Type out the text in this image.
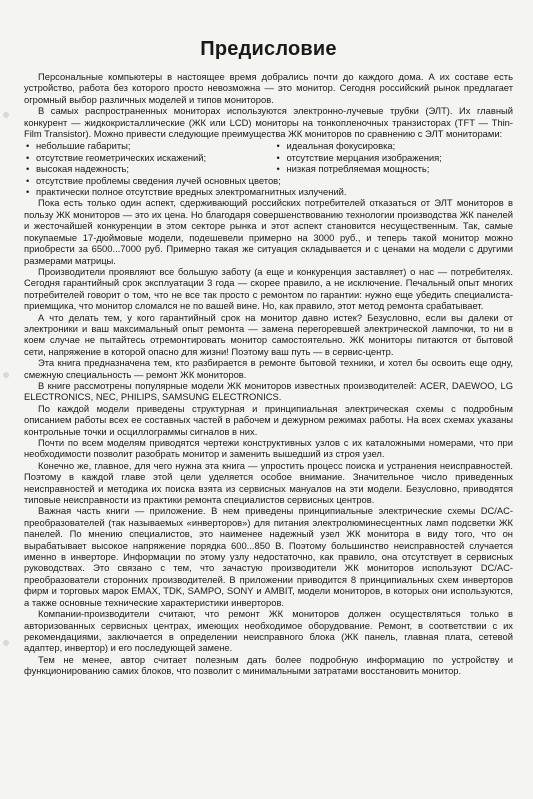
Предисловие

Персональные компьютеры в настоящее время добрались почти до каждого дома. А их составе есть устройство, работа без которого просто невозможна — это монитор. Сегодня российский рынок предлагает огромный выбор различных моделей и типов мониторов.

В самых распространенных мониторах используются электронно-лучевые трубки (ЭЛТ). Их главный конкурент — жидкокристаллические (ЖК или LCD) мониторы на тонкопленочных транзисторах (TFT — Thin-Film Transistor). Можно привести следующие преимущества ЖК мониторов по сравнению с ЭЛТ мониторами:

• небольшие габариты;	• идеальная фокусировка;
• отсутствие геометрических искажений;	• отсутствие мерцания изображения;
• высокая надежность;	• низкая потребляемая мощность;
• отсутствие проблемы сведения лучей основных цветов;
• практически полное отсутствие вредных электромагнитных излучений.

Пока есть только один аспект, сдерживающий российских потребителей отказаться от ЭЛТ мониторов в пользу ЖК мониторов — это их цена. Но благодаря совершенствованию технологии производства ЖК панелей и жесточайшей конкуренции в этом секторе рынка и этот аспект становится несущественным. Так, самые покупаемые 17-дюймовые модели, подешевели примерно на 3000 руб., и теперь такой монитор можно приобрести за 6500...7000 руб. Примерно такая же ситуация складывается и с ценами на модели с другими размерами матрицы.

Производители проявляют все большую заботу (а еще и конкуренция заставляет) о нас — потребителях. Сегодня гарантийный срок эксплуатации 3 года — скорее правило, а не исключение. Печальный опыт многих потребителей говорит о том, что не все так просто с ремонтом по гарантии: нужно еще убедить специалиста-приемщика, что монитор сломался не по вашей вине. Но, как правило, этот метод ремонта срабатывает.

А что делать тем, у кого гарантийный срок на монитор давно истек? Безусловно, если вы далеки от электроники и ваш максимальный опыт ремонта — замена перегоревшей электрической лампочки, то ни в коем случае не пытайтесь отремонтировать монитор самостоятельно. ЖК мониторы питаются от бытовой сети, напряжение в которой опасно для жизни! Поэтому ваш путь — в сервис-центр.

Эта книга предназначена тем, кто разбирается в ремонте бытовой техники, и хотел бы освоить еще одну, смежную специальность — ремонт ЖК мониторов.

В книге рассмотрены популярные модели ЖК мониторов известных производителей: ACER, DAEWOO, LG ELECTRONICS, NEC, PHILIPS, SAMSUNG ELECTRONICS.

По каждой модели приведены структурная и принципиальная электрическая схемы с подробным описанием работы всех ее составных частей в рабочем и дежурном режимах работы. На всех схемах указаны контрольные точки и осциллограммы сигналов в них.

Почти по всем моделям приводятся чертежи конструктивных узлов с их каталожными номерами, что при необходимости позволит разобрать монитор и заменить вышедший из строя узел.

Конечно же, главное, для чего нужна эта книга — упростить процесс поиска и устранения неисправностей. Поэтому в каждой главе этой цели уделяется особое внимание. Значительное число приведенных неисправностей и методика их поиска взята из сервисных мануалов на эти модели. Безусловно, приводятся типовые неисправности из практики ремонта специалистов сервисных центров.

Важная часть книги — приложение. В нем приведены принципиальные электрические схемы DC/AC-преобразователей (так называемых «инверторов») для питания электролюминесцентных ламп подсветки ЖК панелей. По мнению специалистов, это наименее надежный узел ЖК монитора в виду того, что он вырабатывает высокое напряжение порядка 600...850 В. Поэтому большинство неисправностей случается именно в инверторе. Информации по этому узлу недостаточно, как правило, она отсутствует в сервисных руководствах. Это связано с тем, что зачастую производители ЖК мониторов используют DC/AC-преобразователи сторонних производителей. В приложении приводится 8 принципиальных схем инверторов фирм и торговых марок EMAX, TDK, SAMPO, SONY и AMBIT, модели мониторов, в которых они используются, а также основные технические характеристики инверторов.

Компании-производители считают, что ремонт ЖК мониторов должен осуществляться только в авторизованных сервисных центрах, имеющих необходимое оборудование. Ремонт, в соответствии с их рекомендациями, заключается в определении неисправного блока (ЖК панель, главная плата, сетевой адаптер, инвертор) и его последующей замене.

Тем не менее, автор считает полезным дать более подробную информацию по устройству и функционированию самих блоков, что позволит с минимальными затратами восстановить монитор.
